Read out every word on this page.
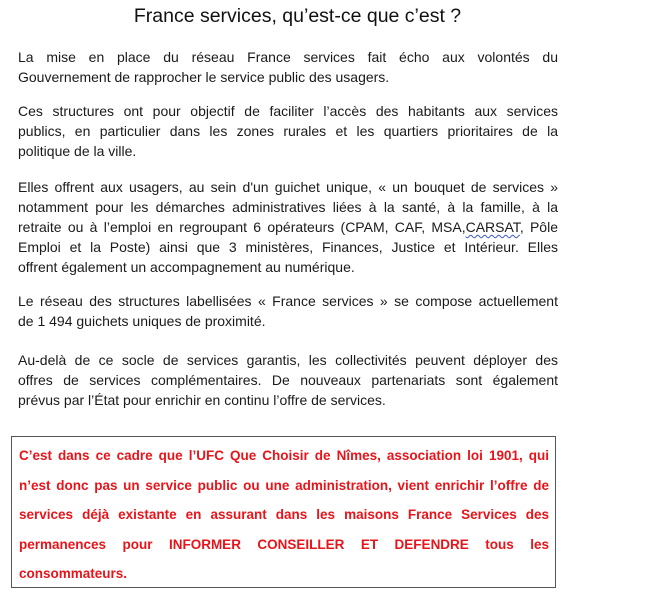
France services, qu’est-ce que c’est ?

La mise en place du réseau France services fait écho aux volontés du
Gouvernement de rapprocher le service public des usagers.

Ces structures ont pour objectif de faciliter l’accès des habitants aux services
publics, en particulier dans les zones rurales et les quartiers prioritaires de la
politique de la ville.

Elles offrent aux usagers, au sein d'un guichet unique, « un bouquet de services »
notamment pour les démarches administratives liées à la santé, à la famille, à la
retraite ou à l’emploi en regroupant 6 opérateurs (CPAM, CAF, MSA,CARSAT, Pôle
Emploi et la Poste) ainsi que 3 ministères, Finances, Justice et Intérieur. Elles
offrent également un accompagnement au numérique.

Le réseau des structures labellisées « France services » se compose actuellement
de 1 494 guichets uniques de proximité.

Au-delà de ce socle de services garantis, les collectivités peuvent déployer des
offres de services complémentaires. De nouveaux partenariats sont également
prévus par l’État pour enrichir en continu l’offre de services.

C’est dans ce cadre que l’UFC Que Choisir de Nîmes, association loi 1901, qui
n’est donc pas un service public ou une administration, vient enrichir l’offre de
services déjà existante en assurant dans les maisons France Services des
permanences pour INFORMER CONSEILLER ET DEFENDRE tous les
consommateurs.
